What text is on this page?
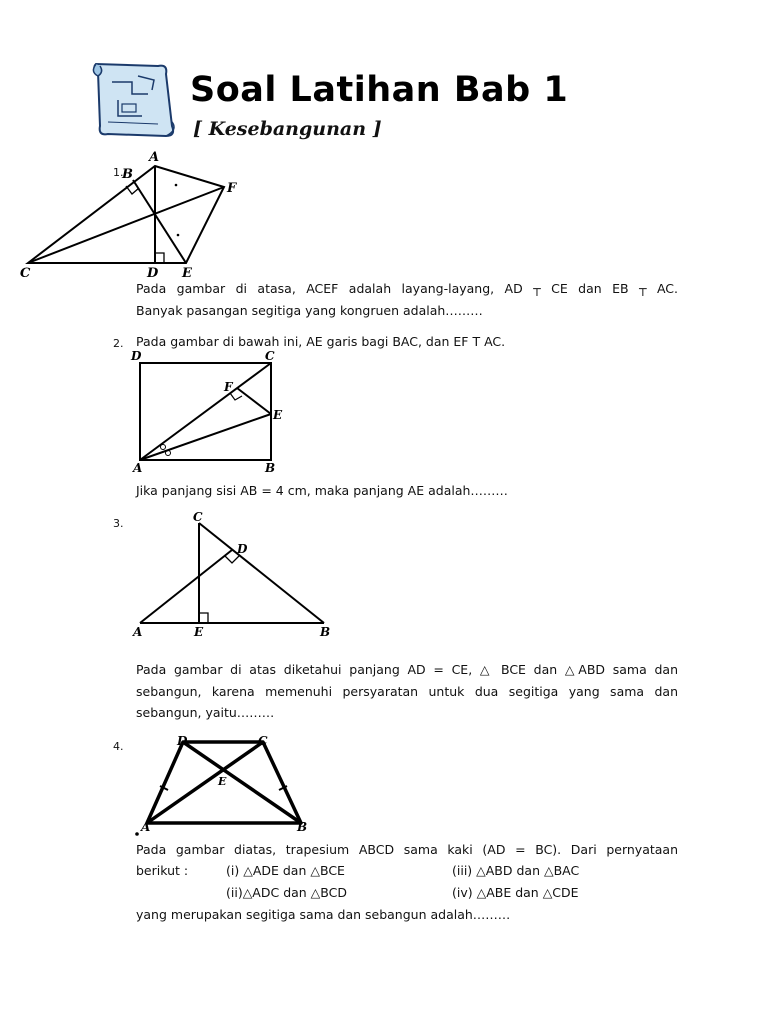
Soal Latihan Bab 1
[ Kesebangunan ]
1.
A
B
C	D E
F
Pada gambar di atasa, ACEF adalah layang-layang, AD ┬ CE dan EB ┬ AC.
Banyak pasangan segitiga yang kongruen adalah………
2. Pada gambar di bawah ini, AE garis bagi BAC, dan EF T AC.
D	C
F
E
A	B
Jika panjang sisi AB = 4 cm, maka panjang AE adalah………
3.	C
D
A	E	B
Pada gambar di atas diketahui panjang AD = CE, △ BCE dan △ABD sama dan
sebangun, karena memenuhi persyaratan untuk dua segitiga yang sama dan
sebangun, yaitu………
4.
A	B
C
D
E
Pada gambar diatas, trapesium ABCD sama kaki (AD = BC). Dari pernyataan
berikut :	(i) △ADE dan △BCE	(iii) △ABD dan △BAC
(ii)△ADC dan △BCD	(iv) △ABE dan △CDE
yang merupakan segitiga sama dan sebangun adalah………
